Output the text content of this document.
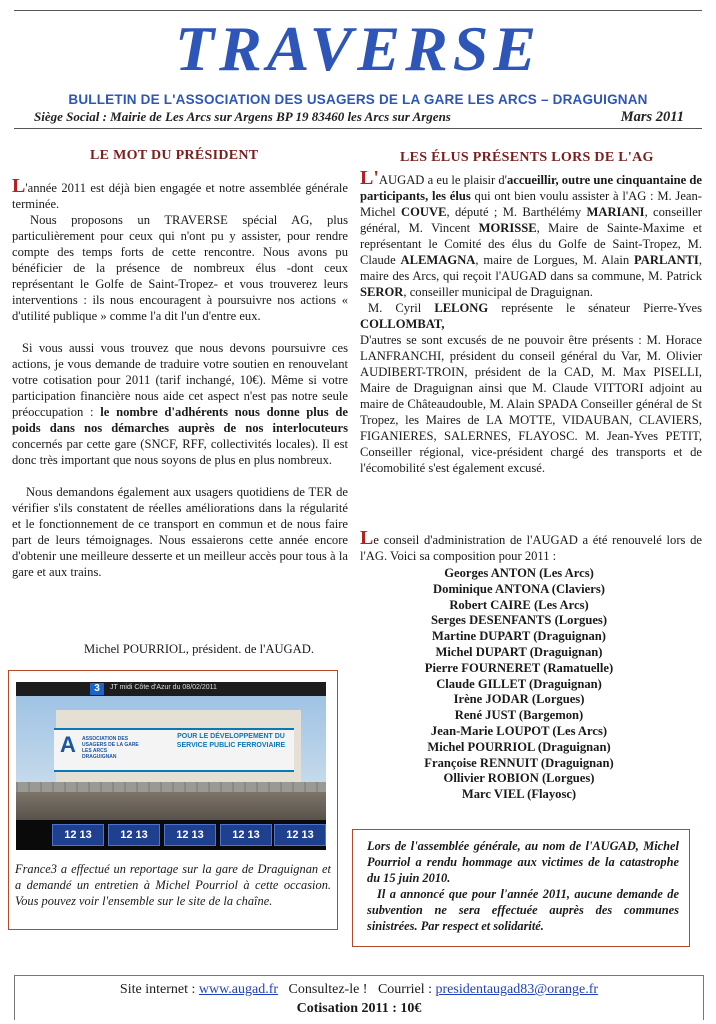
TRAVERSE
BULLETIN DE L'ASSOCIATION DES USAGERS DE LA GARE LES ARCS – DRAGUIGNAN
Siège Social : Mairie de Les Arcs sur Argens BP 19 83460 les Arcs sur Argens	Mars 2011
LE MOT DU PRÉSIDENT

L'année 2011 est déjà bien engagée et notre assemblée générale terminée.

Nous proposons un TRAVERSE spécial AG, plus particulièrement pour ceux qui n'ont pu y assister, pour rendre compte des temps forts de cette rencontre. Nous avons pu bénéficier de la présence de nombreux élus -dont ceux représentant le Golfe de Saint-Tropez- et vous trouverez leurs interventions : ils nous encouragent à poursuivre nos actions « d'utilité publique » comme l'a dit l'un d'entre eux.

Si vous aussi vous trouvez que nous devons poursuivre ces actions, je vous demande de traduire votre soutien en renouvelant votre cotisation pour 2011 (tarif inchangé, 10€). Même si votre participation financière nous aide cet aspect n'est pas notre seule préoccupation : le nombre d'adhérents nous donne plus de poids dans nos démarches auprès de nos interlocuteurs concernés par cette gare (SNCF, RFF, collectivités locales). Il est donc très important que nous soyons de plus en plus nombreux.

Nous demandons également aux usagers quotidiens de TER de vérifier s'ils constatent de réelles améliorations dans la régularité et le fonctionnement de ce transport en commun et de nous faire part de leurs témoignages. Nous essaierons cette année encore d'obtenir une meilleure desserte et un meilleur accès pour tous à la gare et aux trains.

Michel POURRIOL, président. de l'AUGAD.
3	JT midi Côte d'Azur du 08/02/2011
A ASSOCIATION DES USAGERS DE LA GARE LES ARCS DRAGUIGNAN
POUR LE DÉVELOPPEMENT DU SERVICE PUBLIC FERROVIAIRE
12 13	12 13	12 13	12 13	12 13
France3 a effectué un reportage sur la gare de Draguignan et a demandé un entretien à Michel Pourriol à cette occasion. Vous pouvez voir l'ensemble sur le site de la chaîne.
LES ÉLUS PRÉSENTS LORS DE L'AG

L'AUGAD a eu le plaisir d'accueillir, outre une cinquantaine de participants, les élus qui ont bien voulu assister à l'AG : M. Jean-Michel COUVE, député ; M. Barthélémy MARIANI, conseiller général, M. Vincent MORISSE, Maire de Sainte-Maxime et représentant le Comité des élus du Golfe de Saint-Tropez, M. Claude ALEMAGNA, maire de Lorgues, M. Alain PARLANTI, maire des Arcs, qui reçoit l'AUGAD dans sa commune, M. Patrick SEROR, conseiller municipal de Draguignan.

M. Cyril LELONG représente le sénateur Pierre-Yves COLLOMBAT,

D'autres se sont excusés de ne pouvoir être présents : M. Horace LANFRANCHI, président du conseil général du Var, M. Olivier AUDIBERT-TROIN, président de la CAD, M. Max PISELLI, Maire de Draguignan ainsi que M. Claude VITTORI adjoint au maire de Châteaudouble, M. Alain SPADA Conseiller général de St Tropez, les Maires de LA MOTTE, VIDAUBAN, CLAVIERS, FIGANIERES, SALERNES, FLAYOSC. M. Jean-Yves PETIT, Conseiller régional, vice-président chargé des transports et de l'écomobilité s'est également excusé.

Le conseil d'administration de l'AUGAD a été renouvelé lors de l'AG. Voici sa composition pour 2011 :
Georges ANTON (Les Arcs)
Dominique ANTONA (Claviers)
Robert CAIRE (Les Arcs)
Serges DESENFANTS (Lorgues)
Martine DUPART (Draguignan)
Michel DUPART (Draguignan)
Pierre FOURNERET (Ramatuelle)
Claude GILLET (Draguignan)
Irène JODAR (Lorgues)
René JUST (Bargemon)
Jean-Marie LOUPOT (Les Arcs)
Michel POURRIOL (Draguignan)
Françoise RENNUIT (Draguignan)
Ollivier ROBION (Lorgues)
Marc VIEL (Flayosc)
Lors de l'assemblée générale, au nom de l'AUGAD, Michel Pourriol a rendu hommage aux victimes de la catastrophe du 15 juin 2010.
Il a annoncé que pour l'année 2011, aucune demande de subvention ne sera effectuée auprès des communes sinistrées. Par respect et solidarité.
Site internet : www.augad.fr Consultez-le ! Courriel : presidentaugad83@orange.fr
Cotisation 2011 : 10€
